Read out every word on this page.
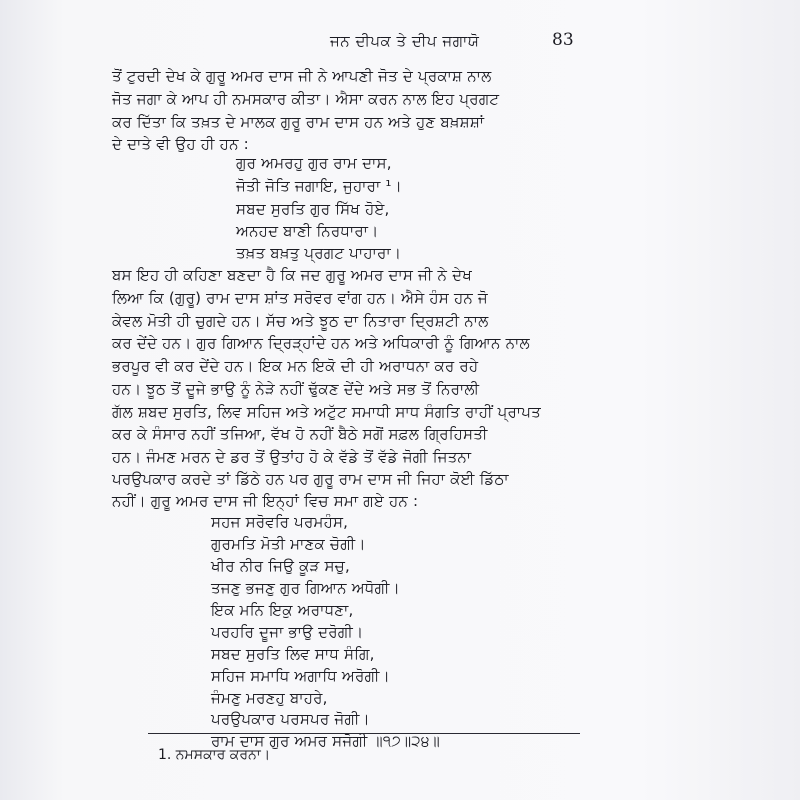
ਜਨ ਦੀਪਕ ਤੇ ਦੀਪ ਜਗਾਯੋ	83
ਤੋਂ ਟੁਰਦੀ ਦੇਖ ਕੇ ਗੁਰੂ ਅਮਰ ਦਾਸ ਜੀ ਨੇ ਆਪਣੀ ਜੋਤ ਦੇ ਪ੍ਰਕਾਸ਼ ਨਾਲ
ਜੋਤ ਜਗਾ ਕੇ ਆਪ ਹੀ ਨਮਸਕਾਰ ਕੀਤਾ। ਐਸਾ ਕਰਨ ਨਾਲ ਇਹ ਪ੍ਰਗਟ
ਕਰ ਦਿੱਤਾ ਕਿ ਤਖ਼ਤ ਦੇ ਮਾਲਕ ਗੁਰੂ ਰਾਮ ਦਾਸ ਹਨ ਅਤੇ ਹੁਣ ਬਖ਼ਸ਼ਸ਼ਾਂ
ਦੇ ਦਾਤੇ ਵੀ ਉਹ ਹੀ ਹਨ :
ਗੁਰ ਅਮਰਹੁ ਗੁਰ ਰਾਮ ਦਾਸ,
ਜੋਤੀ ਜੋਤਿ ਜਗਾਇ, ਜੁਹਾਰਾ ¹।
ਸਬਦ ਸੁਰਤਿ ਗੁਰ ਸਿੱਖ ਹੋਏ,
ਅਨਹਦ ਬਾਣੀ ਨਿਰਧਾਰਾ।
ਤਖ਼ਤ ਬਖ਼ਤੁ ਪ੍ਰਗਟ ਪਾਹਾਰਾ।
ਬਸ ਇਹ ਹੀ ਕਹਿਣਾ ਬਣਦਾ ਹੈ ਕਿ ਜਦ ਗੁਰੂ ਅਮਰ ਦਾਸ ਜੀ ਨੇ ਦੇਖ
ਲਿਆ ਕਿ (ਗੁਰੂ) ਰਾਮ ਦਾਸ ਸ਼ਾਂਤ ਸਰੋਵਰ ਵਾਂਗ ਹਨ। ਐਸੇ ਹੰਸ ਹਨ ਜੋ
ਕੇਵਲ ਮੋਤੀ ਹੀ ਚੁਗਦੇ ਹਨ। ਸੱਚ ਅਤੇ ਝੂਠ ਦਾ ਨਿਤਾਰਾ ਦ੍ਰਿਸ਼ਟੀ ਨਾਲ
ਕਰ ਦੇਂਦੇ ਹਨ। ਗੁਰ ਗਿਆਨ ਦ੍ਰਿੜ੍ਹਾਂਦੇ ਹਨ ਅਤੇ ਅਧਿਕਾਰੀ ਨੂੰ ਗਿਆਨ ਨਾਲ
ਭਰਪੂਰ ਵੀ ਕਰ ਦੇਂਦੇ ਹਨ। ਇਕ ਮਨ ਇਕੋ ਦੀ ਹੀ ਅਰਾਧਨਾ ਕਰ ਰਹੇ
ਹਨ। ਝੂਠ ਤੋਂ ਦੂਜੇ ਭਾਉ ਨੂੰ ਨੇੜੇ ਨਹੀਂ ਢੁੱਕਣ ਦੇਂਦੇ ਅਤੇ ਸਭ ਤੋਂ ਨਿਰਾਲੀ
ਗੱਲ ਸ਼ਬਦ ਸੁਰਤਿ, ਲਿਵ ਸਹਿਜ ਅਤੇ ਅਟੁੱਟ ਸਮਾਧੀ ਸਾਧ ਸੰਗਤਿ ਰਾਹੀਂ ਪ੍ਰਾਪਤ
ਕਰ ਕੇ ਸੰਸਾਰ ਨਹੀਂ ਤਜਿਆ, ਵੱਖ ਹੋ ਨਹੀਂ ਬੈਠੇ ਸਗੋਂ ਸਫ਼ਲ ਗ੍ਰਿਹਿਸਤੀ
ਹਨ। ਜੰਮਣ ਮਰਨ ਦੇ ਡਰ ਤੋਂ ਉਤਾਂਹ ਹੋ ਕੇ ਵੱਡੇ ਤੋਂ ਵੱਡੇ ਜੋਗੀ ਜਿਤਨਾ
ਪਰਉਪਕਾਰ ਕਰਦੇ ਤਾਂ ਡਿੱਠੇ ਹਨ ਪਰ ਗੁਰੂ ਰਾਮ ਦਾਸ ਜੀ ਜਿਹਾ ਕੋਈ ਡਿੱਠਾ
ਨਹੀਂ। ਗੁਰੂ ਅਮਰ ਦਾਸ ਜੀ ਇਨ੍ਹਾਂ ਵਿਚ ਸਮਾ ਗਏ ਹਨ :
ਸਹਜ ਸਰੋਵਰਿ ਪਰਮਹੰਸ,
ਗੁਰਮਤਿ ਮੋਤੀ ਮਾਣਕ ਚੋਗੀ।
ਖੀਰ ਨੀਰ ਜਿਉ ਕੂੜ ਸਚੁ,
ਤਜਣੁ ਭਜਣੁ ਗੁਰ ਗਿਆਨ ਅਧੋਗੀ।
ਇਕ ਮਨਿ ਇਕੁ ਅਰਾਧਣਾ,
ਪਰਹਰਿ ਦੂਜਾ ਭਾਉ ਦਰੋਗੀ।
ਸਬਦ ਸੁਰਤਿ ਲਿਵ ਸਾਧ ਸੰਗਿ,
ਸਹਿਜ ਸਮਾਧਿ ਅਗਾਧਿ ਅਰੋਗੀ।
ਜੰਮਣੁ ਮਰਣਹੁ ਬਾਹਰੇ,
ਪਰਉਪਕਾਰ ਪਰਸਪਰ ਜੋਗੀ।
ਰਾਮ ਦਾਸ ਗੁਰ ਅਮਰ ਸਜੋਗੀ ॥੧੭॥੨੪॥
1. ਨਮਸਕਾਰ ਕਰਨਾ।
